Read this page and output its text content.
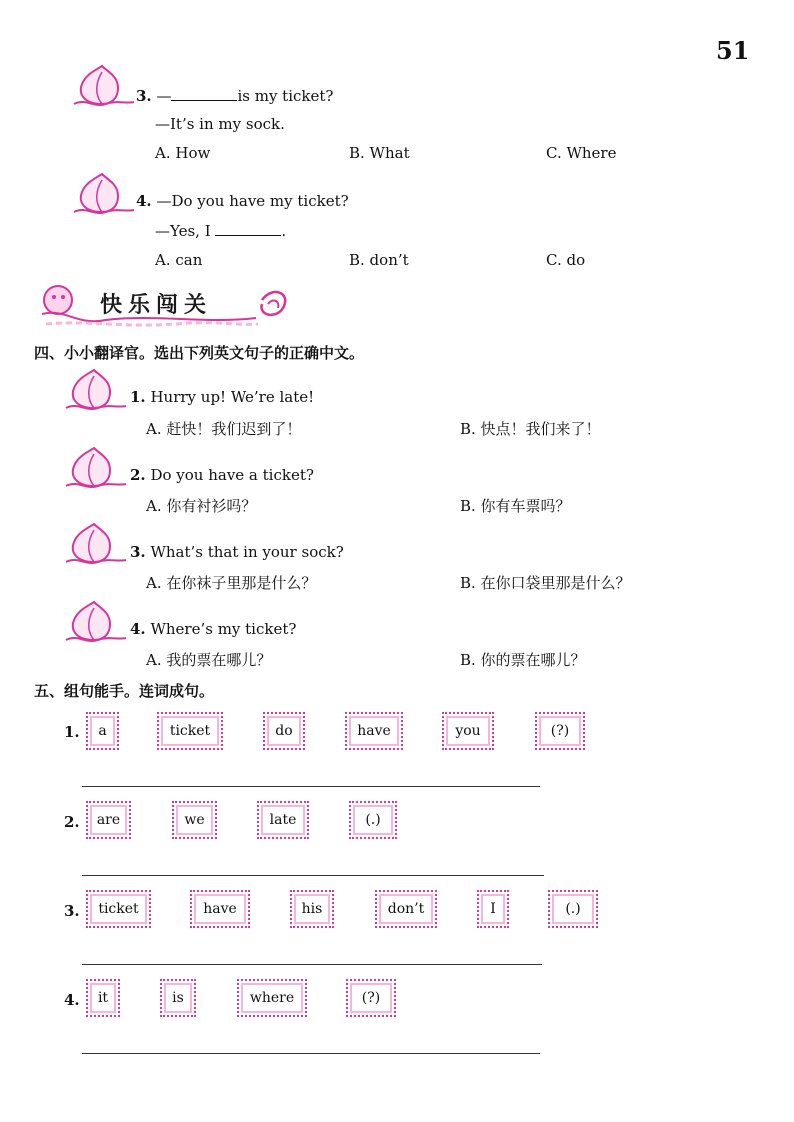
51
3. —	is my ticket?
—It’s in my sock.
A. How	B. What	C. Where
4. —Do you have my ticket?
—Yes, I	.
A. can	B. don’t	C. do
快乐闯关
四、小小翻译官。选出下列英文句子的正确中文。
1. Hurry up! We’re late!
A. 赶快！我们迟到了！	B. 快点！我们来了！
2. Do you have a ticket?
A. 你有衬衫吗？	B. 你有车票吗？
3. What’s that in your sock?
A. 在你袜子里那是什么？	B. 在你口袋里那是什么？
4. Where’s my ticket?
A. 我的票在哪儿？	B. 你的票在哪儿？
五、组句能手。连词成句。
1.	a	ticket	do	have	you	(?)
2.	are	we	late	(.)
3.	ticket	have	his	don’t	I	(.)
4.	it	is	where	(?)
